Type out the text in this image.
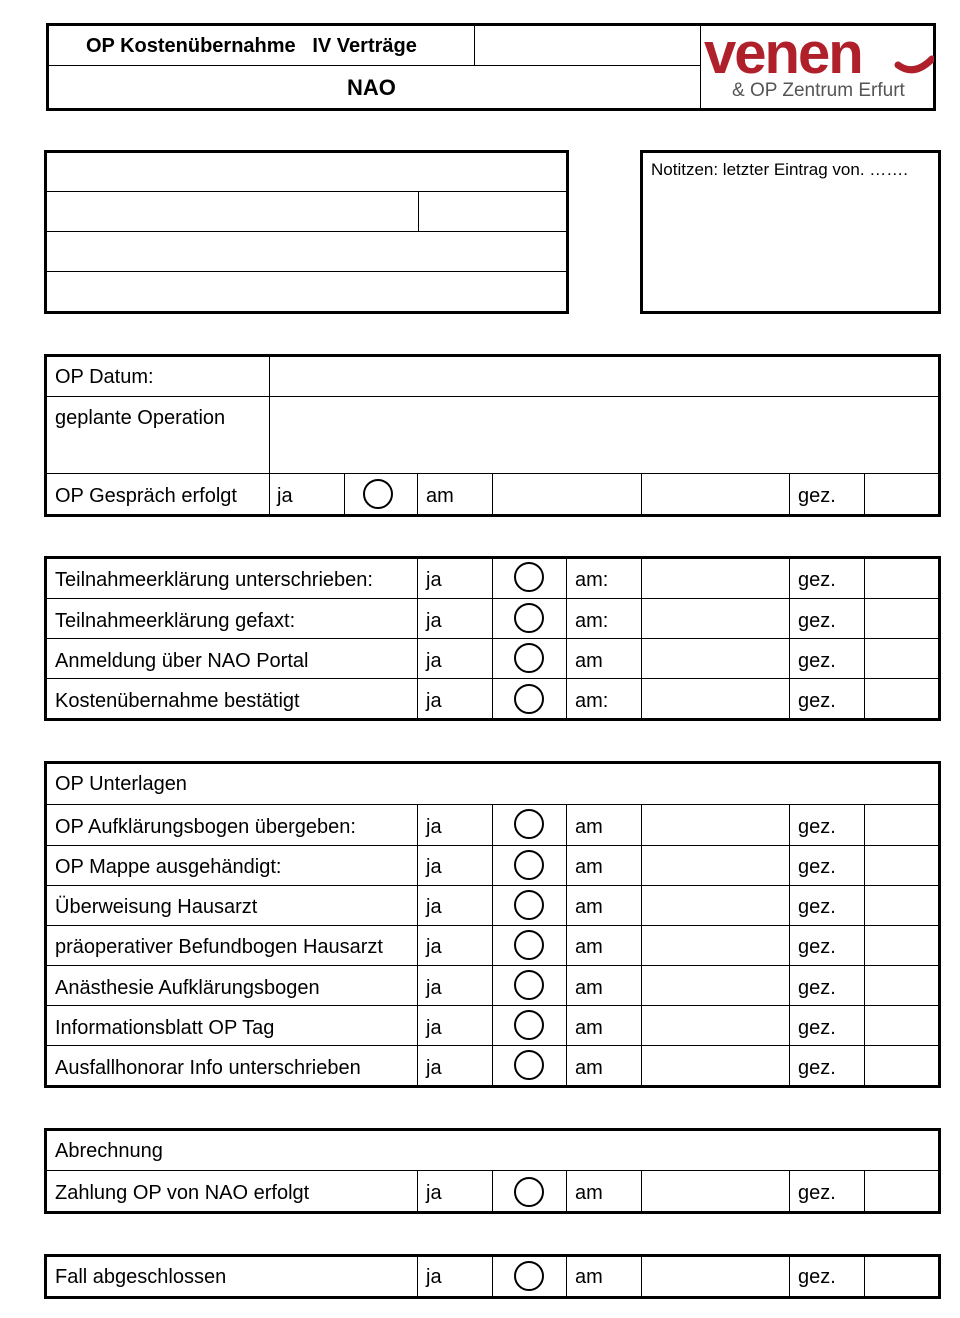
OP Kostenübernahme   IV Verträge
NAO
venen
& OP Zentrum Erfurt
Notitzen: letzter Eintrag von. …….
OP Datum:
geplante Operation
OP Gespräch erfolgt ja	am	gez.
Teilnahmeerklärung unterschrieben:	ja	am:	gez.
Teilnahmeerklärung gefaxt:	ja	am:	gez.
Anmeldung über NAO Portal	ja	am	gez.
Kostenübernahme bestätigt	ja	am:	gez.
OP Unterlagen
OP Aufklärungsbogen übergeben:	ja	am	gez.
OP Mappe ausgehändigt:	ja	am	gez.
Überweisung Hausarzt	ja	am	gez.
präoperativer Befundbogen Hausarzt ja	am	gez.
Anästhesie Aufklärungsbogen	ja	am	gez.
Informationsblatt OP Tag	ja	am	gez.
Ausfallhonorar Info unterschrieben	ja	am	gez.
Abrechnung
Zahlung OP von NAO erfolgt	ja	am	gez.
Fall abgeschlossen	ja	am	gez.
